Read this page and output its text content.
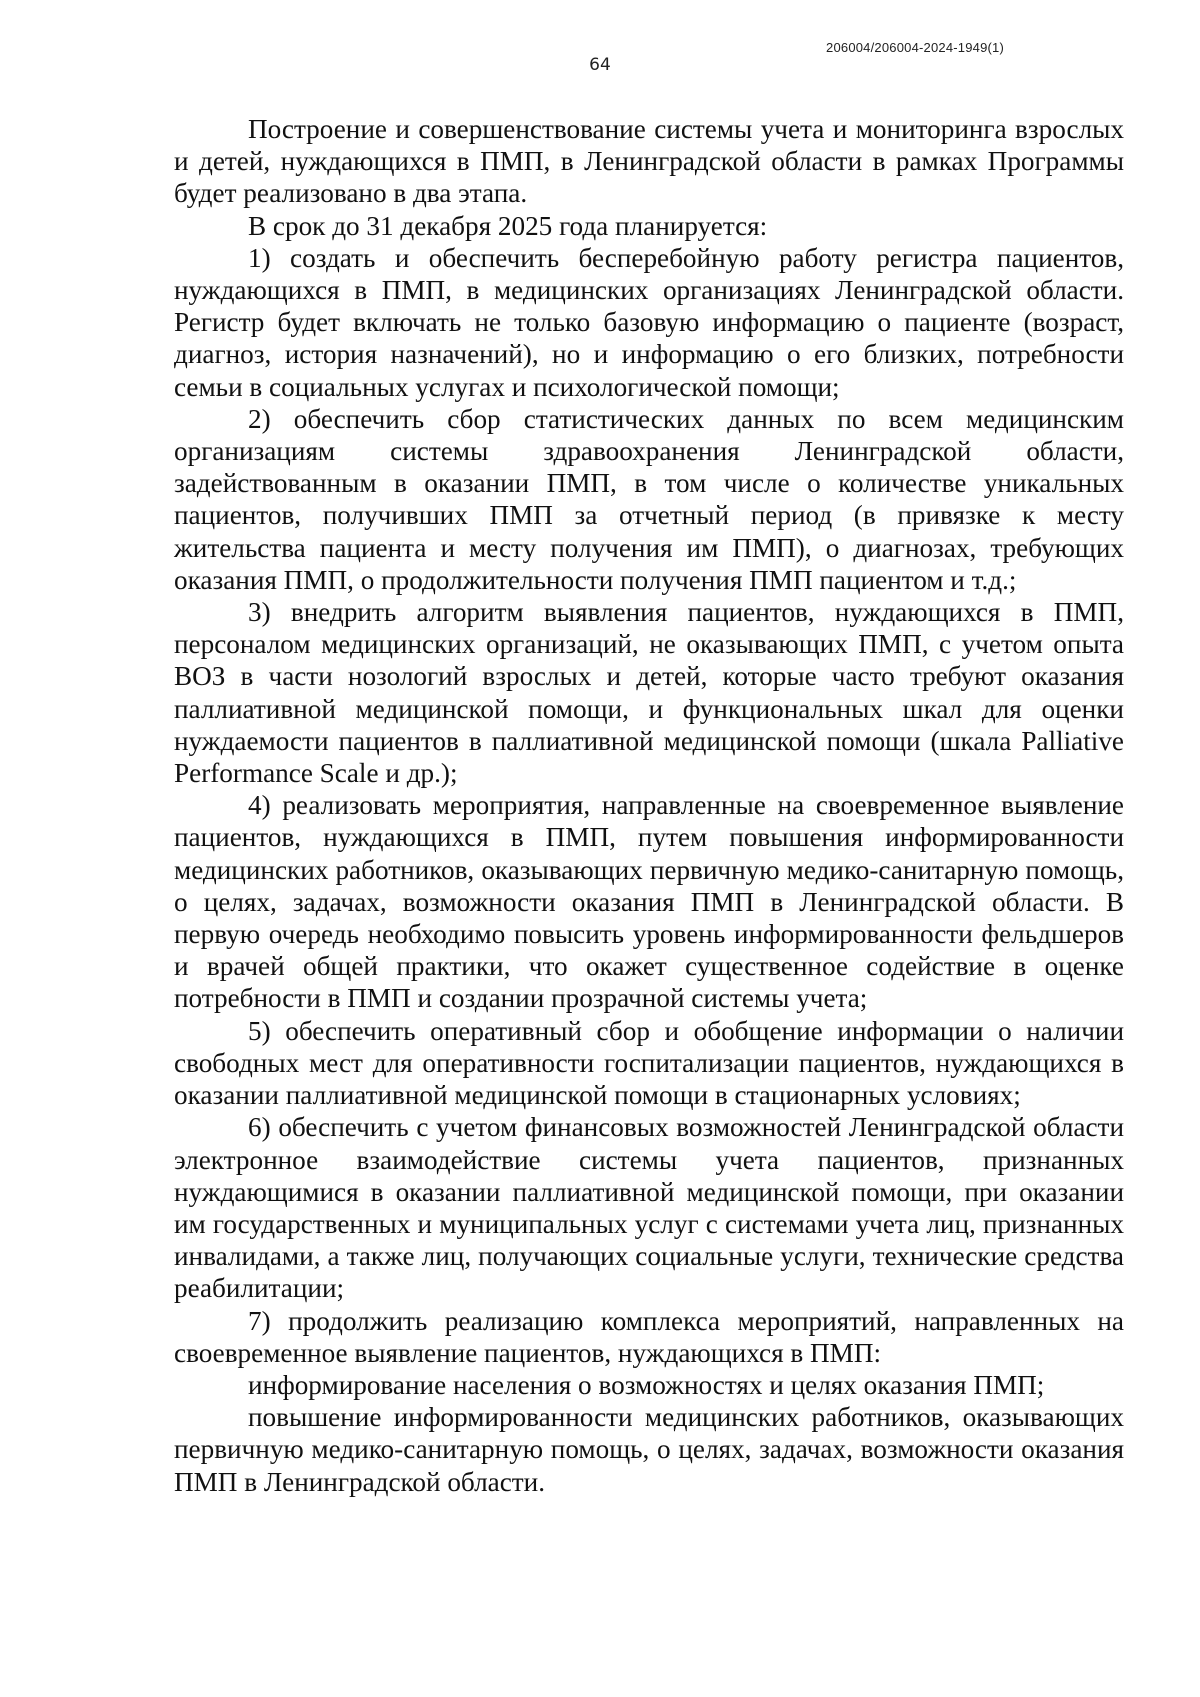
206004/206004-2024-1949(1)
64

Построение и совершенствование системы учета и мониторинга взрослых и детей, нуждающихся в ПМП, в Ленинградской области в рамках Программы будет реализовано в два этапа.

В срок до 31 декабря 2025 года планируется:

1) создать и обеспечить бесперебойную работу регистра пациентов, нуждающихся в ПМП, в медицинских организациях Ленинградской области. Регистр будет включать не только базовую информацию о пациенте (возраст, диагноз, история назначений), но и информацию о его близких, потребности семьи в социальных услугах и психологической помощи;

2) обеспечить сбор статистических данных по всем медицинским организациям системы здравоохранения Ленинградской области, задействованным в оказании ПМП, в том числе о количестве уникальных пациентов, получивших ПМП за отчетный период (в привязке к месту жительства пациента и месту получения им ПМП), о диагнозах, требующих оказания ПМП, о продолжительности получения ПМП пациентом и т.д.;

3) внедрить алгоритм выявления пациентов, нуждающихся в ПМП, персоналом медицинских организаций, не оказывающих ПМП, с учетом опыта ВОЗ в части нозологий взрослых и детей, которые часто требуют оказания паллиативной медицинской помощи, и функциональных шкал для оценки нуждаемости пациентов в паллиативной медицинской помощи (шкала Palliative Performance Scale и др.);

4) реализовать мероприятия, направленные на своевременное выявление пациентов, нуждающихся в ПМП, путем повышения информированности медицинских работников, оказывающих первичную медико-санитарную помощь, о целях, задачах, возможности оказания ПМП в Ленинградской области. В первую очередь необходимо повысить уровень информированности фельдшеров и врачей общей практики, что окажет существенное содействие в оценке потребности в ПМП и создании прозрачной системы учета;

5) обеспечить оперативный сбор и обобщение информации о наличии свободных мест для оперативности госпитализации пациентов, нуждающихся в оказании паллиативной медицинской помощи в стационарных условиях;

6) обеспечить с учетом финансовых возможностей Ленинградской области электронное взаимодействие системы учета пациентов, признанных нуждающимися в оказании паллиативной медицинской помощи, при оказании им государственных и муниципальных услуг с системами учета лиц, признанных инвалидами, а также лиц, получающих социальные услуги, технические средства реабилитации;

7) продолжить реализацию комплекса мероприятий, направленных на своевременное выявление пациентов, нуждающихся в ПМП:

информирование населения о возможностях и целях оказания ПМП;

повышение информированности медицинских работников, оказывающих первичную медико-санитарную помощь, о целях, задачах, возможности оказания ПМП в Ленинградской области.
